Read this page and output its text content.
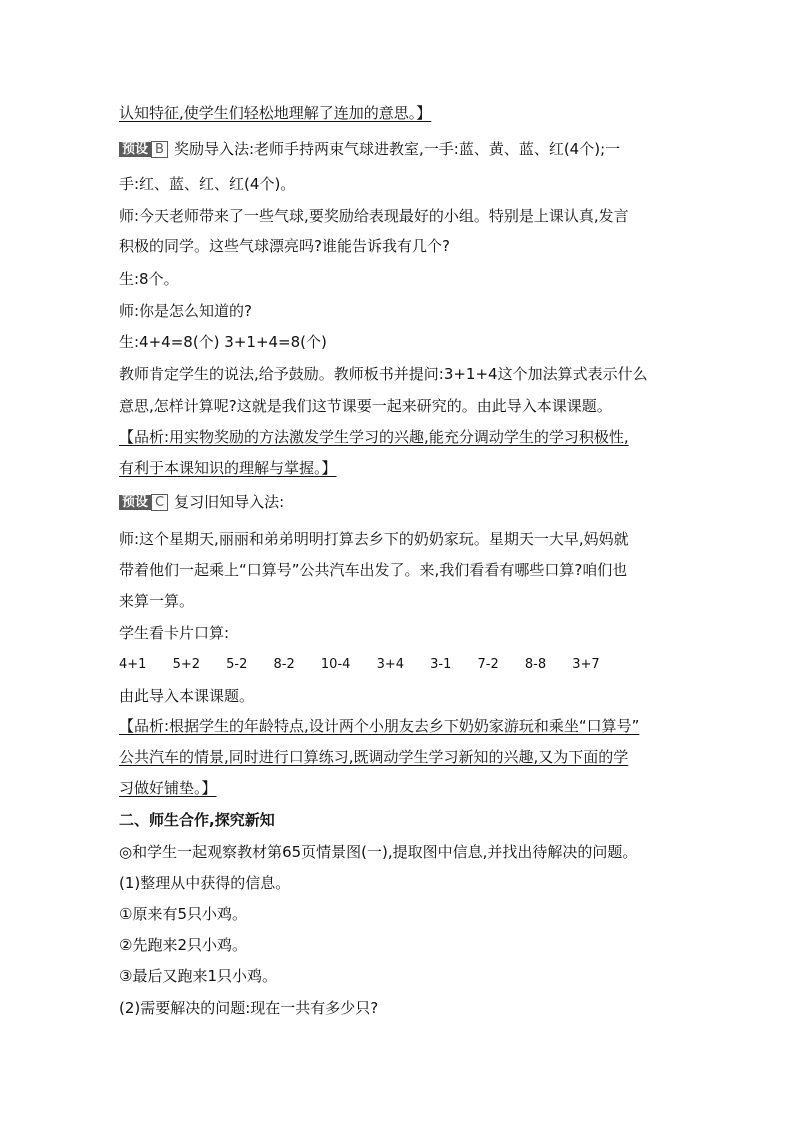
认知特征,使学生们轻松地理解了连加的意思。】
预设 B 奖励导入法:老师手持两束气球进教室,一手:蓝、黄、蓝、红(4个);一
手:红、蓝、红、红(4个)。
师:今天老师带来了一些气球,要奖励给表现最好的小组。特别是上课认真,发言
积极的同学。这些气球漂亮吗?谁能告诉我有几个?
生:8个。
师:你是怎么知道的?
生:4+4=8(个) 3+1+4=8(个)
教师肯定学生的说法,给予鼓励。教师板书并提问:3+1+4这个加法算式表示什么
意思,怎样计算呢?这就是我们这节课要一起来研究的。由此导入本课课题。
【品析:用实物奖励的方法激发学生学习的兴趣,能充分调动学生的学习积极性,
有利于本课知识的理解与掌握。】
预设 C 复习旧知导入法:
师:这个星期天,丽丽和弟弟明明打算去乡下的奶奶家玩。星期天一大早,妈妈就
带着他们一起乘上“口算号”公共汽车出发了。来,我们看看有哪些口算?咱们也
来算一算。
学生看卡片口算:
4+1 5+2 5-2 8-2 10-4 3+4 3-1 7-2 8-8 3+7
由此导入本课课题。
【品析:根据学生的年龄特点,设计两个小朋友去乡下奶奶家游玩和乘坐“口算号”
公共汽车的情景,同时进行口算练习,既调动学生学习新知的兴趣,又为下面的学
习做好铺垫。】
二、师生合作,探究新知
◎和学生一起观察教材第65页情景图(一),提取图中信息,并找出待解决的问题。
(1)整理从中获得的信息。
①原来有5只小鸡。
②先跑来2只小鸡。
③最后又跑来1只小鸡。
(2)需要解决的问题:现在一共有多少只?
